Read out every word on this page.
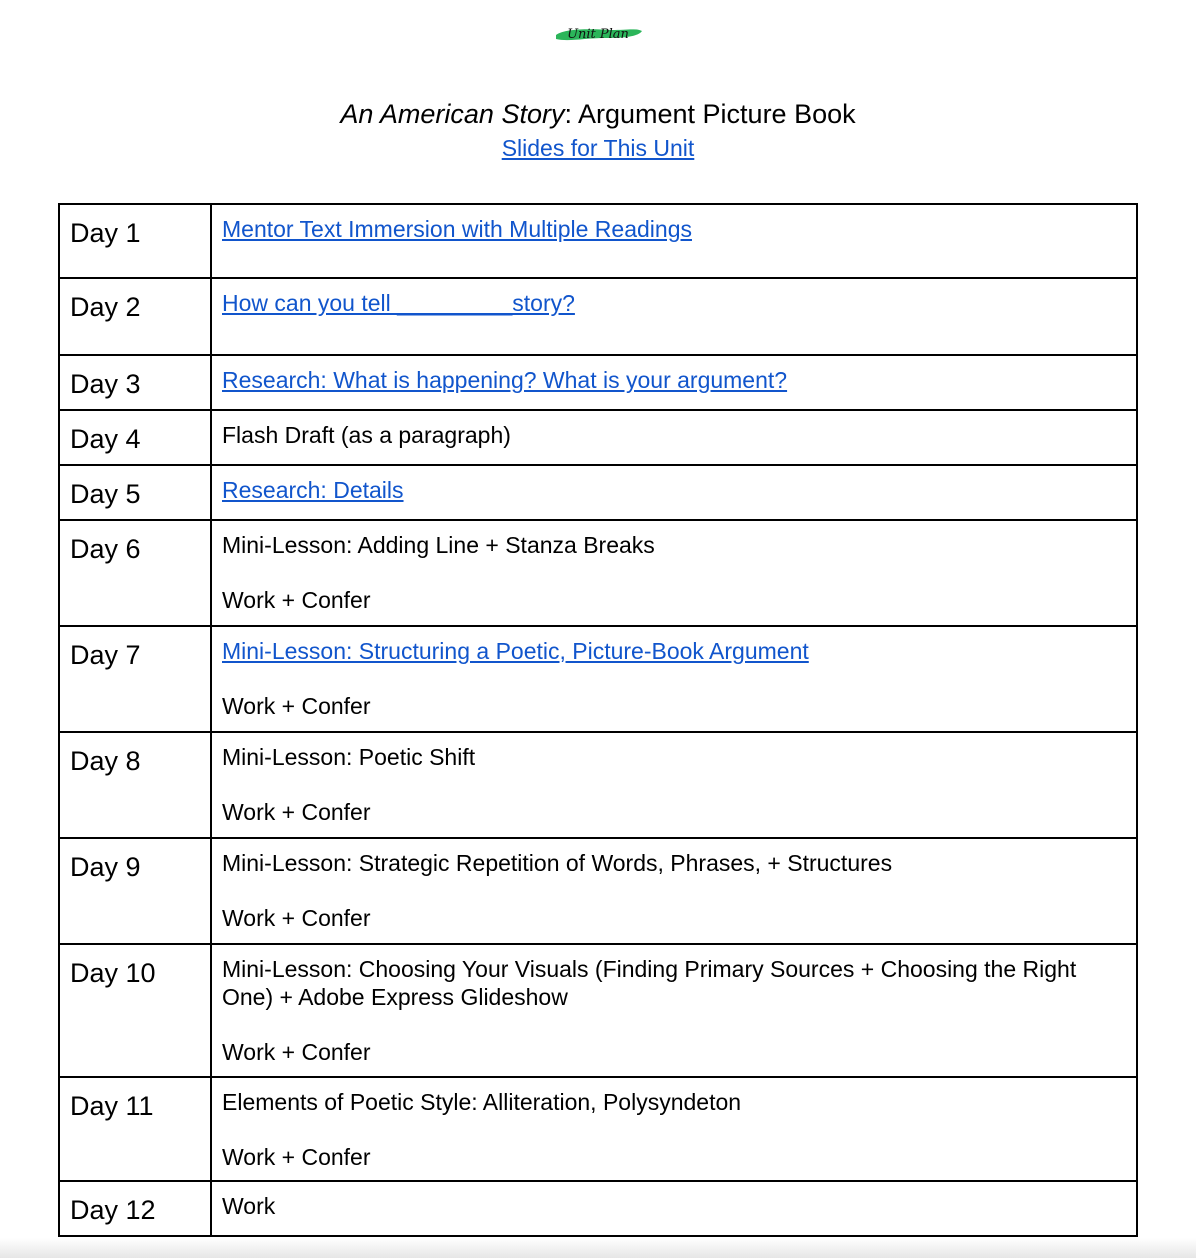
Unit Plan
An American Story: Argument Picture Book
Slides for This Unit
Day 1	Mentor Text Immersion with Multiple Readings

Day 2	How can you tell _________story?

Day 3	Research: What is happening? What is your argument?

Day 4	Flash Draft (as a paragraph)

Day 5	Research: Details

Day 6	Mini-Lesson: Adding Line + Stanza Breaks
Work + Confer

Day 7	Mini-Lesson: Structuring a Poetic, Picture-Book Argument
Work + Confer

Day 8	Mini-Lesson: Poetic Shift
Work + Confer

Day 9	Mini-Lesson: Strategic Repetition of Words, Phrases, + Structures
Work + Confer

Day 10	Mini-Lesson: Choosing Your Visuals (Finding Primary Sources + Choosing the Right One) + Adobe Express Glideshow
Work + Confer

Day 11	Elements of Poetic Style: Alliteration, Polysyndeton
Work + Confer

Day 12	Work
